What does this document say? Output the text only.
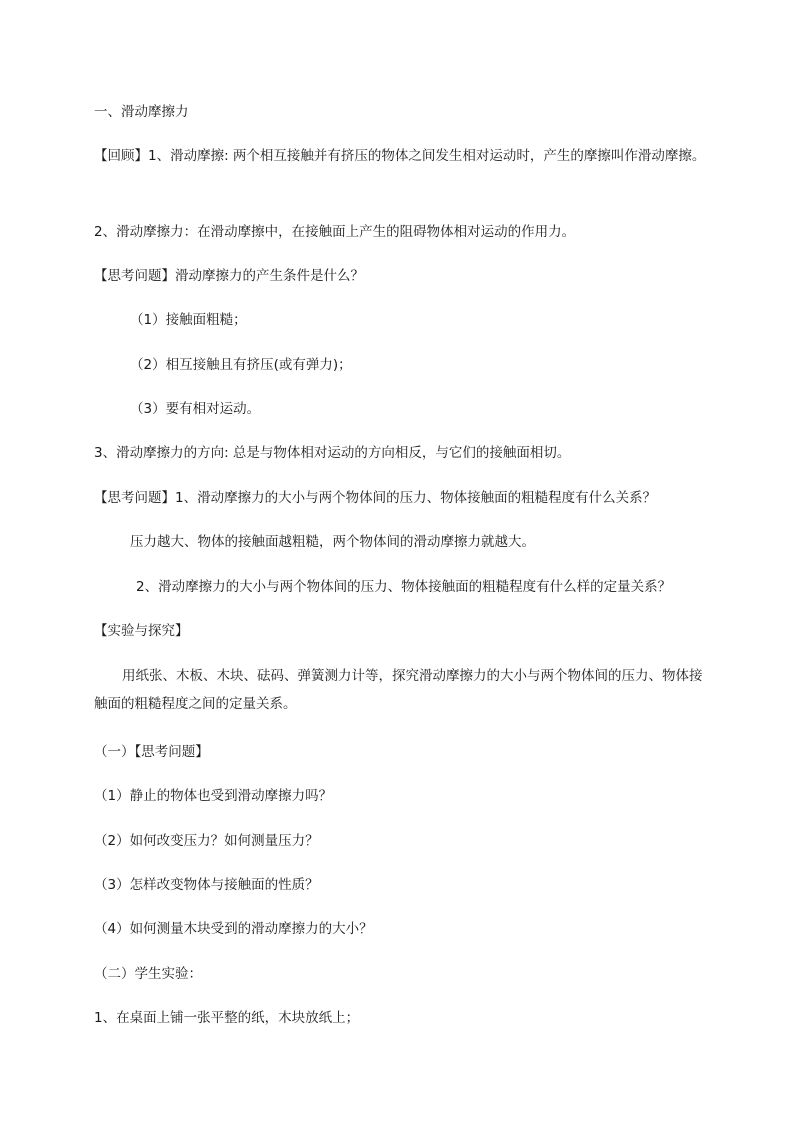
一、滑动摩擦力
【回顾】1、滑动摩擦: 两个相互接触并有挤压的物体之间发生相对运动时，产生的摩擦叫作滑动摩擦。
2、滑动摩擦力：在滑动摩擦中，在接触面上产生的阻碍物体相对运动的作用力。
【思考问题】滑动摩擦力的产生条件是什么？
（1）接触面粗糙；
（2）相互接触且有挤压(或有弹力)；
（3）要有相对运动。
3、滑动摩擦力的方向: 总是与物体相对运动的方向相反，与它们的接触面相切。
【思考问题】1、滑动摩擦力的大小与两个物体间的压力、物体接触面的粗糙程度有什么关系？
压力越大、物体的接触面越粗糙，两个物体间的滑动摩擦力就越大。
2、滑动摩擦力的大小与两个物体间的压力、物体接触面的粗糙程度有什么样的定量关系？
【实验与探究】
用纸张、木板、木块、砝码、弹簧测力计等，探究滑动摩擦力的大小与两个物体间的压力、物体接触面的粗糙程度之间的定量关系。
（一）【思考问题】
（1）静止的物体也受到滑动摩擦力吗？
（2）如何改变压力？如何测量压力？
（3）怎样改变物体与接触面的性质？
（4）如何测量木块受到的滑动摩擦力的大小？
（二）学生实验：
1、在桌面上铺一张平整的纸，木块放纸上；
